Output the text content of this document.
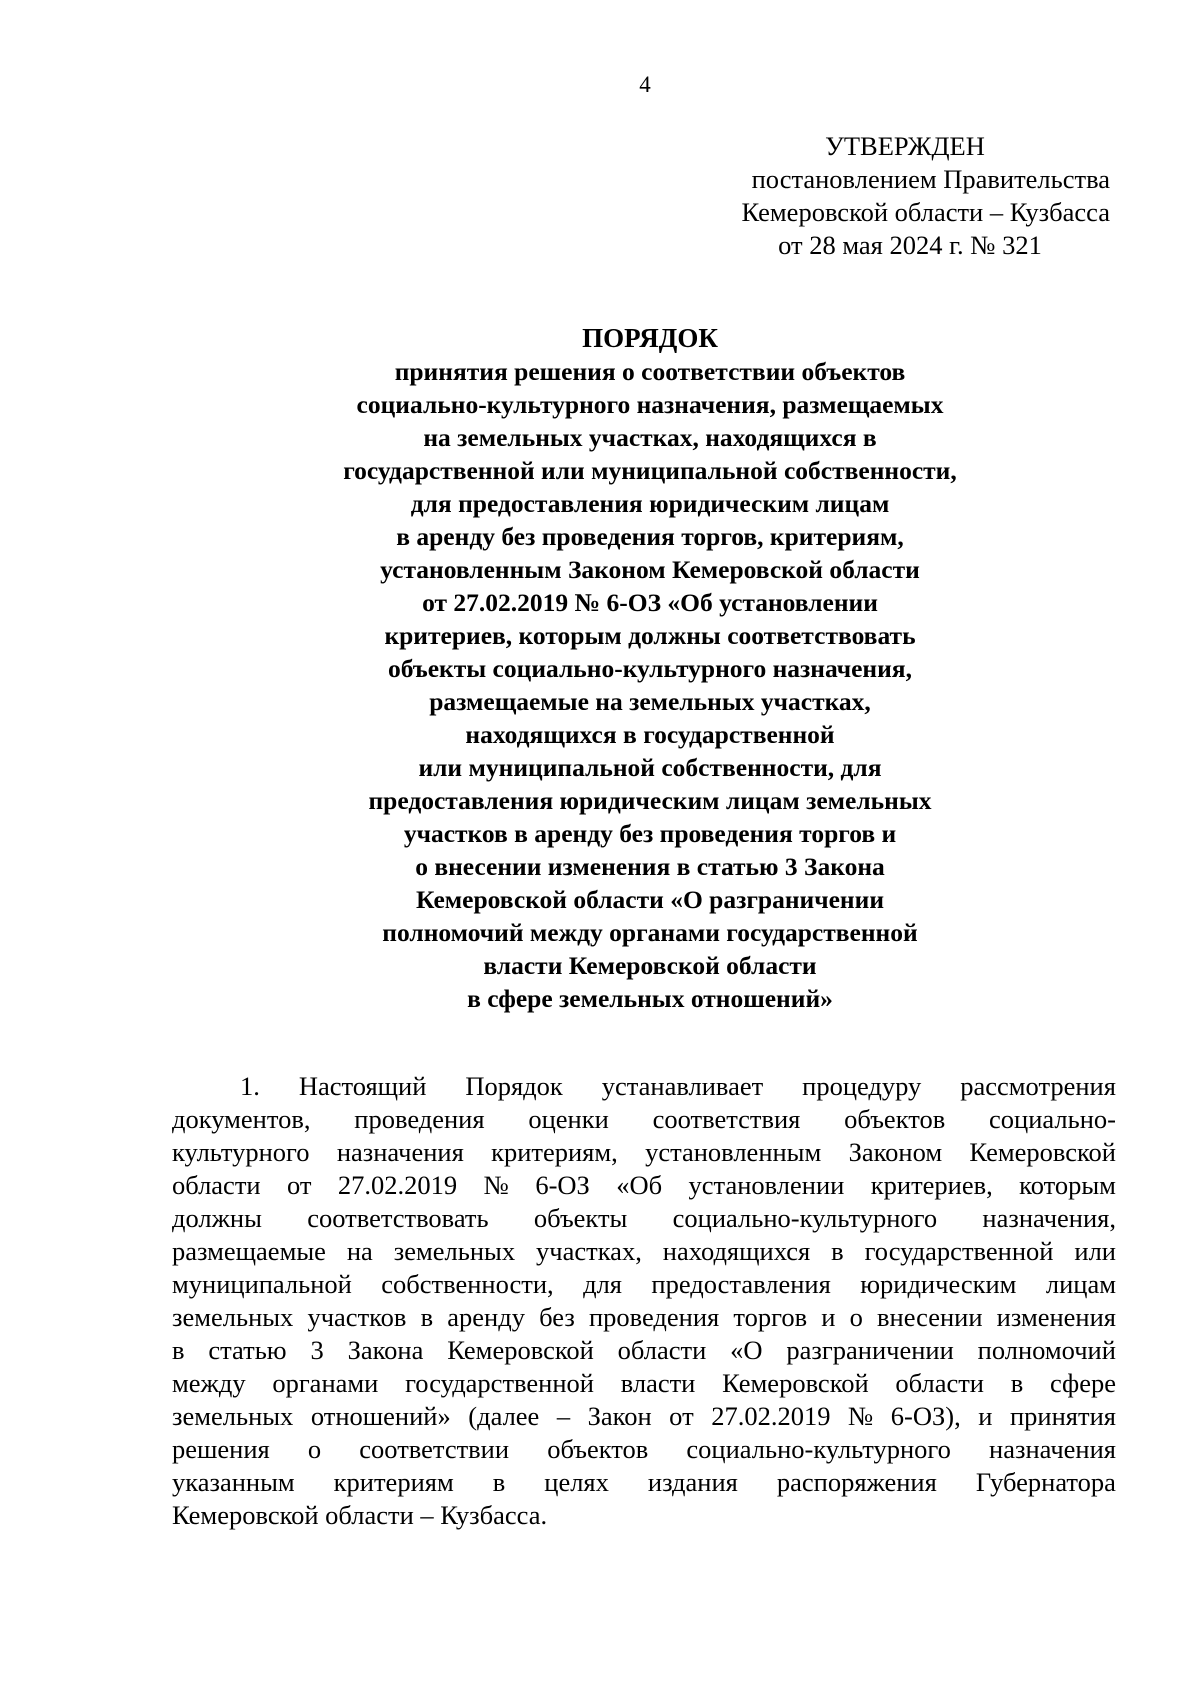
4
УТВЕРЖДЕН
постановлением Правительства
Кемеровской области – Кузбасса
от 28 мая 2024 г. № 321
ПОРЯДОК
принятия решения о соответствии объектов
социально-культурного назначения, размещаемых
на земельных участках, находящихся в
государственной или муниципальной собственности,
для предоставления юридическим лицам
в аренду без проведения торгов, критериям,
установленным Законом Кемеровской области
от 27.02.2019 № 6-ОЗ «Об установлении
критериев, которым должны соответствовать
объекты социально-культурного назначения,
размещаемые на земельных участках,
находящихся в государственной
или муниципальной собственности, для
предоставления юридическим лицам земельных
участков в аренду без проведения торгов и
о внесении изменения в статью 3 Закона
Кемеровской области «О разграничении
полномочий между органами государственной
власти Кемеровской области
в сфере земельных отношений»
1. Настоящий Порядок устанавливает процедуру рассмотрения
документов, проведения оценки соответствия объектов социально-
культурного назначения критериям, установленным Законом Кемеровской
области от 27.02.2019 № 6-ОЗ «Об установлении критериев, которым
должны соответствовать объекты социально-культурного назначения,
размещаемые на земельных участках, находящихся в государственной или
муниципальной собственности, для предоставления юридическим лицам
земельных участков в аренду без проведения торгов и о внесении изменения
в статью 3 Закона Кемеровской области «О разграничении полномочий
между органами государственной власти Кемеровской области в сфере
земельных отношений» (далее – Закон от 27.02.2019 № 6-ОЗ), и принятия
решения о соответствии объектов социально-культурного назначения
указанным критериям в целях издания распоряжения Губернатора
Кемеровской области – Кузбасса.
